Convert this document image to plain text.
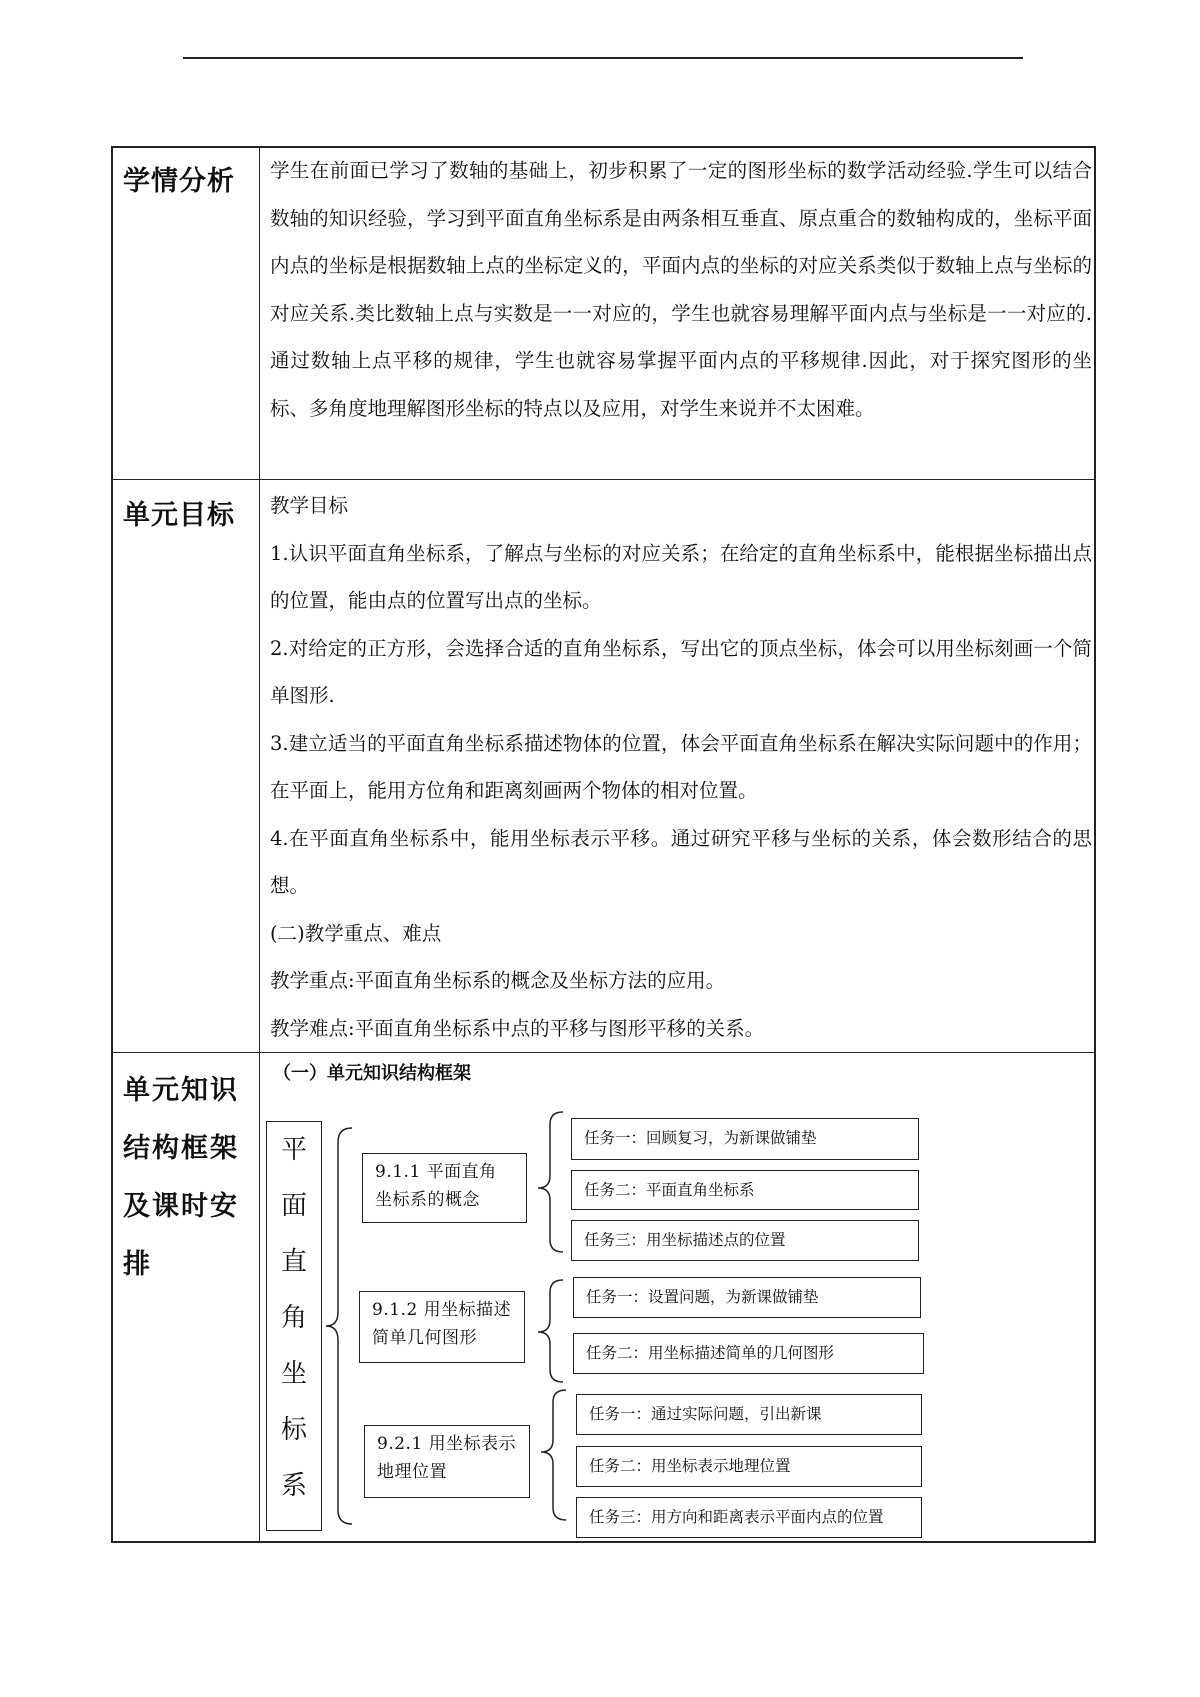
学情分析	学生在前面已学习了数轴的基础上，初步积累了一定的图形坐标的数学活动经验.学生可以结合数轴的知识经验，学习到平面直角坐标系是由两条相互垂直、原点重合的数轴构成的，坐标平面内点的坐标是根据数轴上点的坐标定义的，平面内点的坐标的对应关系类似于数轴上点与坐标的对应关系.类比数轴上点与实数是一一对应的，学生也就容易理解平面内点与坐标是一一对应的.通过数轴上点平移的规律，学生也就容易掌握平面内点的平移规律.因此，对于探究图形的坐标、多角度地理解图形坐标的特点以及应用，对学生来说并不太困难。

单元目标	教学目标

1.认识平面直角坐标系，了解点与坐标的对应关系；在给定的直角坐标系中，能根据坐标描出点的位置，能由点的位置写出点的坐标。

2.对给定的正方形，会选择合适的直角坐标系，写出它的顶点坐标，体会可以用坐标刻画一个简单图形.

3.建立适当的平面直角坐标系描述物体的位置，体会平面直角坐标系在解决实际问题中的作用；在平面上，能用方位角和距离刻画两个物体的相对位置。

4.在平面直角坐标系中，能用坐标表示平移。通过研究平移与坐标的关系，体会数形结合的思想。

(二)教学重点、难点

教学重点:平面直角坐标系的概念及坐标方法的应用。

教学难点:平面直角坐标系中点的平移与图形平移的关系。

单元知识结构框架及课时安排
（一）单元知识结构框架
平
面
直
角
坐
标
系
9.1.1 平面直角坐标系的概念
9.1.2 用坐标描述简单几何图形
9.2.1 用坐标表示地理位置
任务一：回顾复习，为新课做铺垫
任务二：平面直角坐标系
任务三：用坐标描述点的位置
任务一：设置问题，为新课做铺垫
任务二：用坐标描述简单的几何图形
任务一：通过实际问题，引出新课
任务二：用坐标表示地理位置
任务三：用方向和距离表示平面内点的位置
